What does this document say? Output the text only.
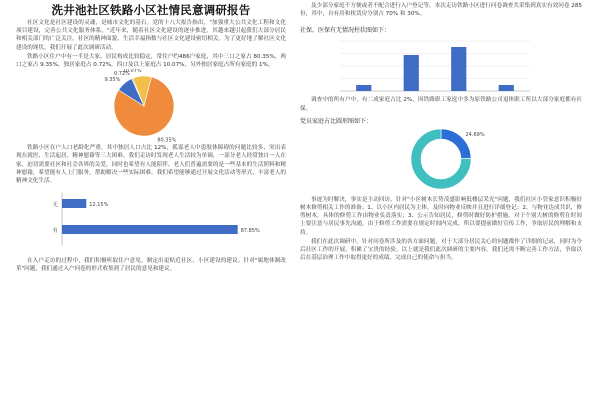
洗井池社区铁路小区社情民意调研报告
社区文化是社区建设的灵魂，是城市文化的基石。党的十八大报告指出，"加强重大公共文化工程和文化项目建设，完善公共文化服务体系。"近年来，随着社区文化建设的逐步推进，其越来越引起我们大部分居民和相关部门的广泛关注。社区的精神面貌、生活幸福指数与社区文化建设密切相关。为了更好地了解社区文化建设的现状，我们开展了此次调研活动。
铁路小区住户中有一半是大家，居民构成比较稳定，常住户约486户家庭，其中三口之家占 80.35%，两口之家占 9.35%，独居家庭占 0.72%，四口及以上家庭占 10.07%，另外独居家庭占所有家庭的 1%。
80.35%
9.35%
0.72%
10.07%
铁路小区在户人口老龄化严重，其中独居人口占比 12%，孤寡老人中患肢体障碍的问题比较多，突出表现在就医、生活起居、精神慰藉等三大困难。我们走访时发现老人生活较为单调，一部分老人经常独自一人在家，迫切需要社区和社会各界的关爱，同时也希望有人能陪伴。老人们普遍需要的是一些基本的生活照料和精神慰藉，希望能有人上门服务，帮助解决一些实际困难。我们希望能够通过开展文化活动等形式，丰富老人的精神文化生活。
无	12.15%
有	87.85%
在入户走访的过程中，我们积极听取住户意见，制定出更贴近社区、小区建设的建议。针对"属地体制改革"问题，我们通过入户问卷的形式收集到了居民的意见和建议。
及少部分家庭不方便或者不配合进行入户登记等。本次走访铁路小区进行问卷调查共采集到真实有效问卷 285 份，其中，自有房和租赁房分别占 70% 和 30%。
社保、医保有无情况柱状图如下：
调查中的所有户中，有二成家庭占比 2%，因铁路职工家庭中多为原铁路公司退休职工所以大部分家庭都有社保。
党员家庭占比圆形图如下：
24.69%
事迹为时解决，事实是主动回访，针对"小区树木长势茂盛影响低楼层采光"问题，我们社区小管家意识积极好树木修剪相关工作的准备；1、以小区内居民为主体，及时向物业反映并且进行详细登记；2、与物业达成共识，修剪树木，具体的修剪工作由物业负责落实；3、公示告知居民，修剪时做好防护措施。对于个别大树的修剪在时间上要注意与居民事先沟通，由于修剪工作需要在规定时间内完成，所以要提前做好宣传工作，争取居民的理解和支持。
我们在此次调研中，针对问卷所涉及的各方面问题，对于大部分居民关心的问题都作了详细的记录，同时为今后社区工作的开展，积累了宝贵的经验。以上就是我们此次调研的主要内容，我们还需不断完善工作方法，争取以后在基层治理工作中取得更好的成绩，完成自己的使命与担当。
